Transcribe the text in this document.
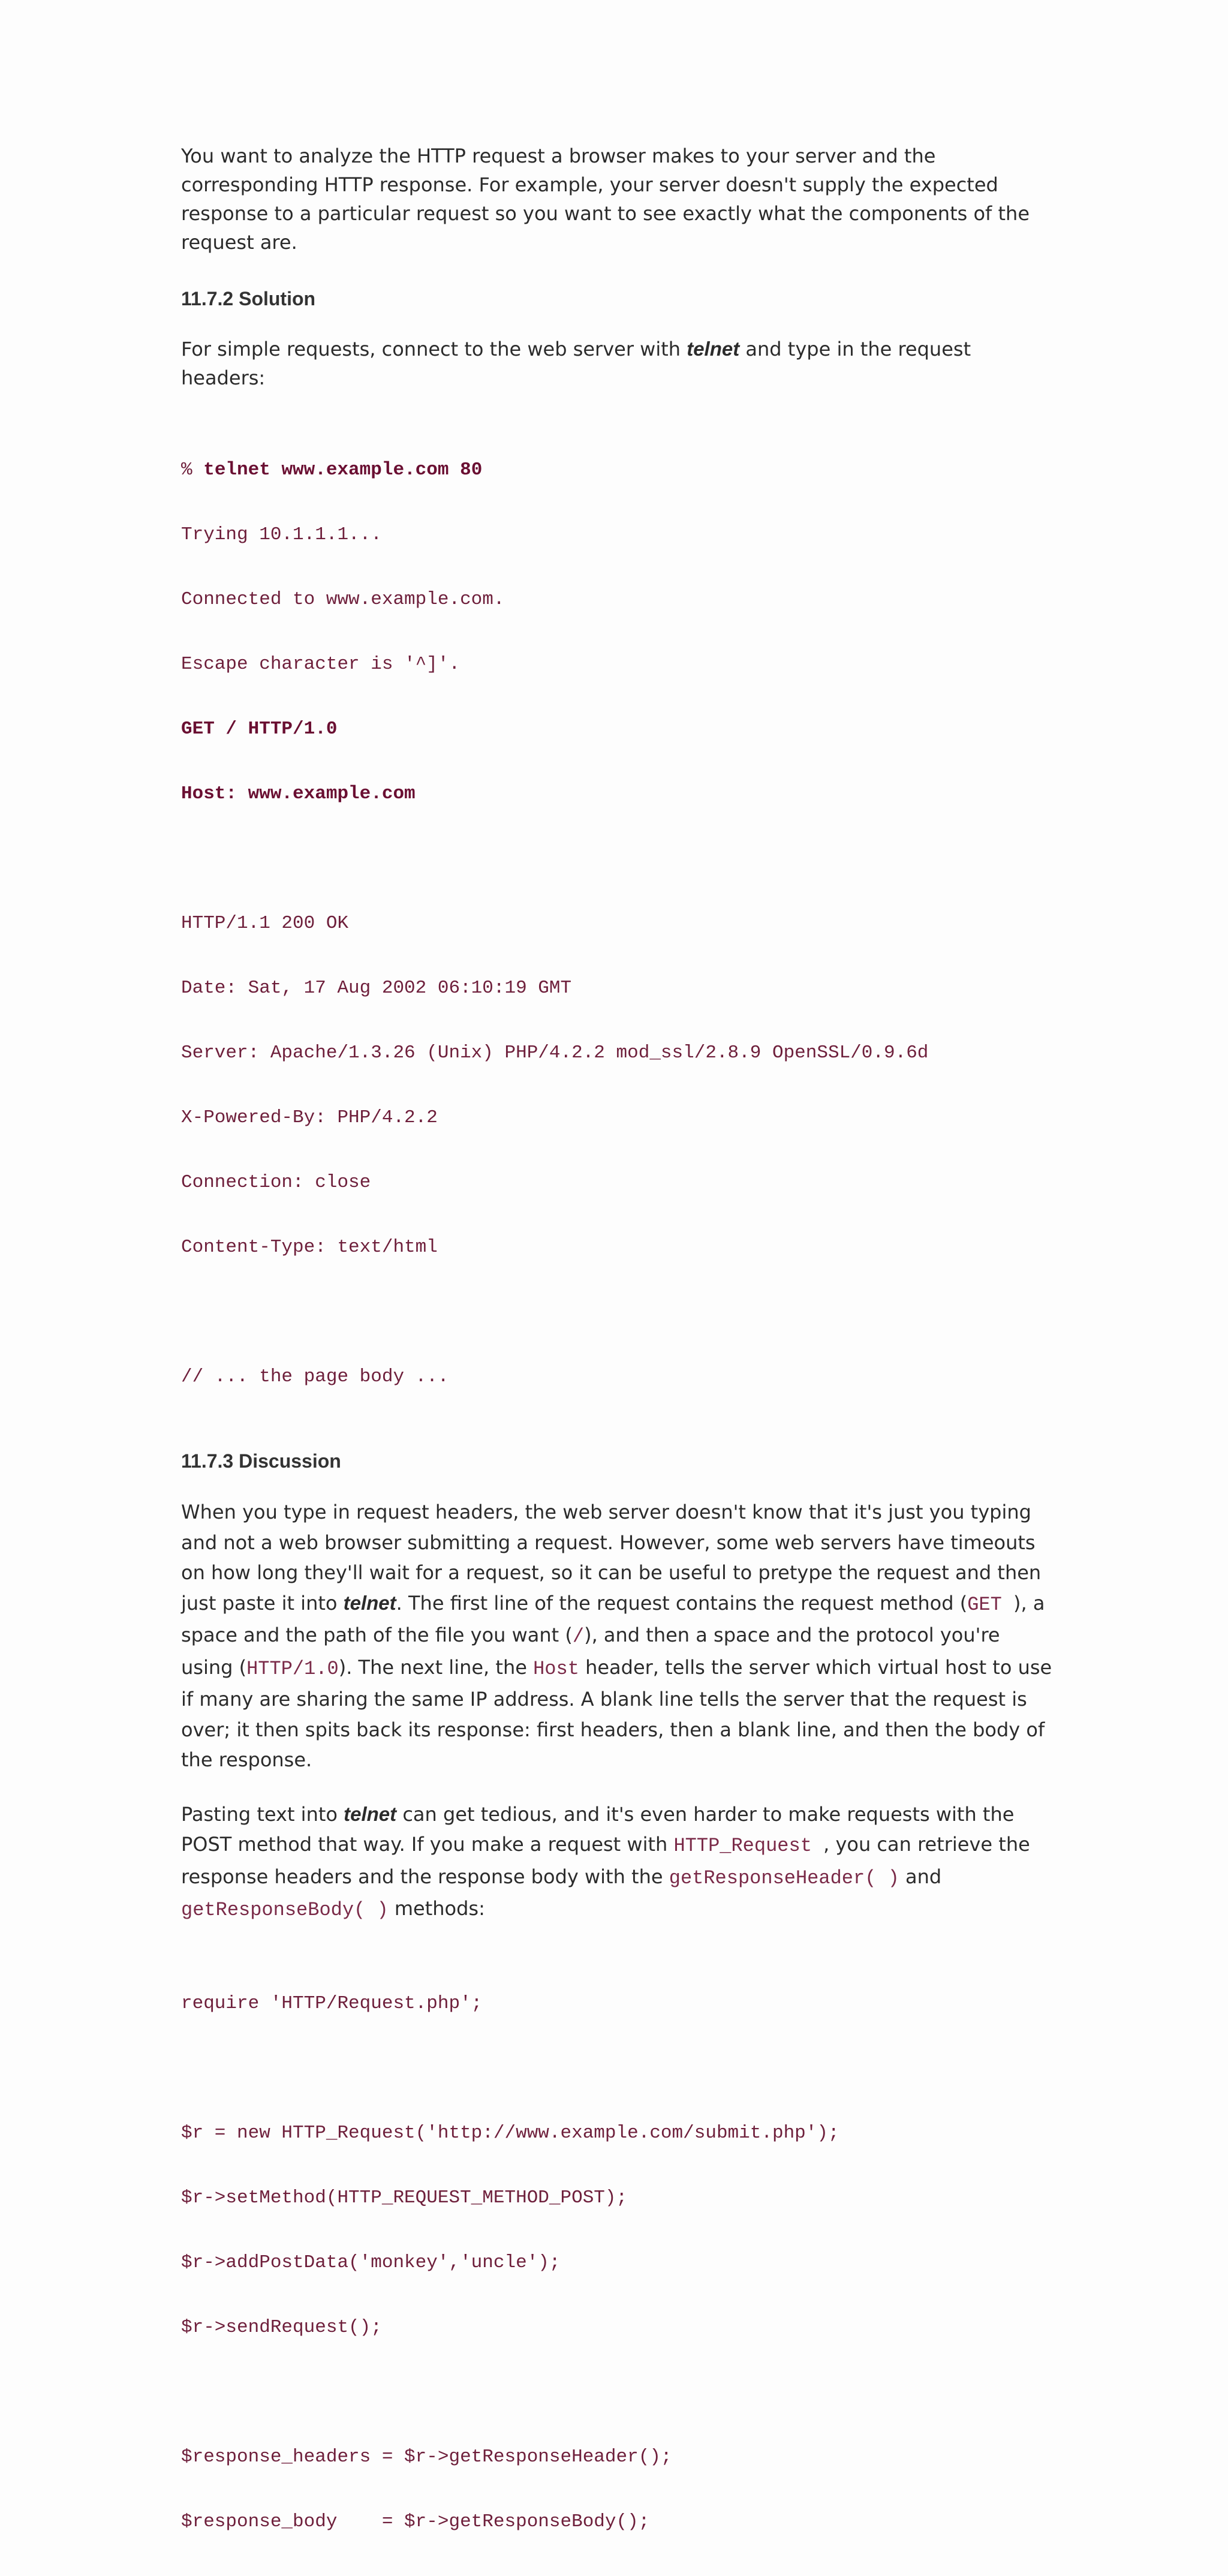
You want to analyze the HTTP request a browser makes to your server and the corresponding HTTP response. For example, your server doesn't supply the expected response to a particular request so you want to see exactly what the components of the request are.

11.7.2 Solution

For simple requests, connect to the web server with telnet and type in the request headers:

% telnet www.example.com 80

Trying 10.1.1.1...

Connected to www.example.com.

Escape character is '^]'.

GET / HTTP/1.0

Host: www.example.com

HTTP/1.1 200 OK

Date: Sat, 17 Aug 2002 06:10:19 GMT

Server: Apache/1.3.26 (Unix) PHP/4.2.2 mod_ssl/2.8.9 OpenSSL/0.9.6d

X-Powered-By: PHP/4.2.2

Connection: close

Content-Type: text/html

// ... the page body ...

11.7.3 Discussion

When you type in request headers, the web server doesn't know that it's just you typing and not a web browser submitting a request. However, some web servers have timeouts on how long they'll wait for a request, so it can be useful to pretype the request and then just paste it into telnet. The first line of the request contains the request method (GET ), a space and the path of the file you want (/), and then a space and the protocol you're using (HTTP/1.0). The next line, the Host header, tells the server which virtual host to use if many are sharing the same IP address. A blank line tells the server that the request is over; it then spits back its response: first headers, then a blank line, and then the body of the response.

Pasting text into telnet can get tedious, and it's even harder to make requests with the POST method that way. If you make a request with HTTP_Request , you can retrieve the response headers and the response body with the getResponseHeader( ) and getResponseBody( ) methods:

require 'HTTP/Request.php';

$r = new HTTP_Request('http://www.example.com/submit.php');

$r->setMethod(HTTP_REQUEST_METHOD_POST);

$r->addPostData('monkey','uncle');

$r->sendRequest();

$response_headers = $r->getResponseHeader();

$response_body    = $r->getResponseBody();
